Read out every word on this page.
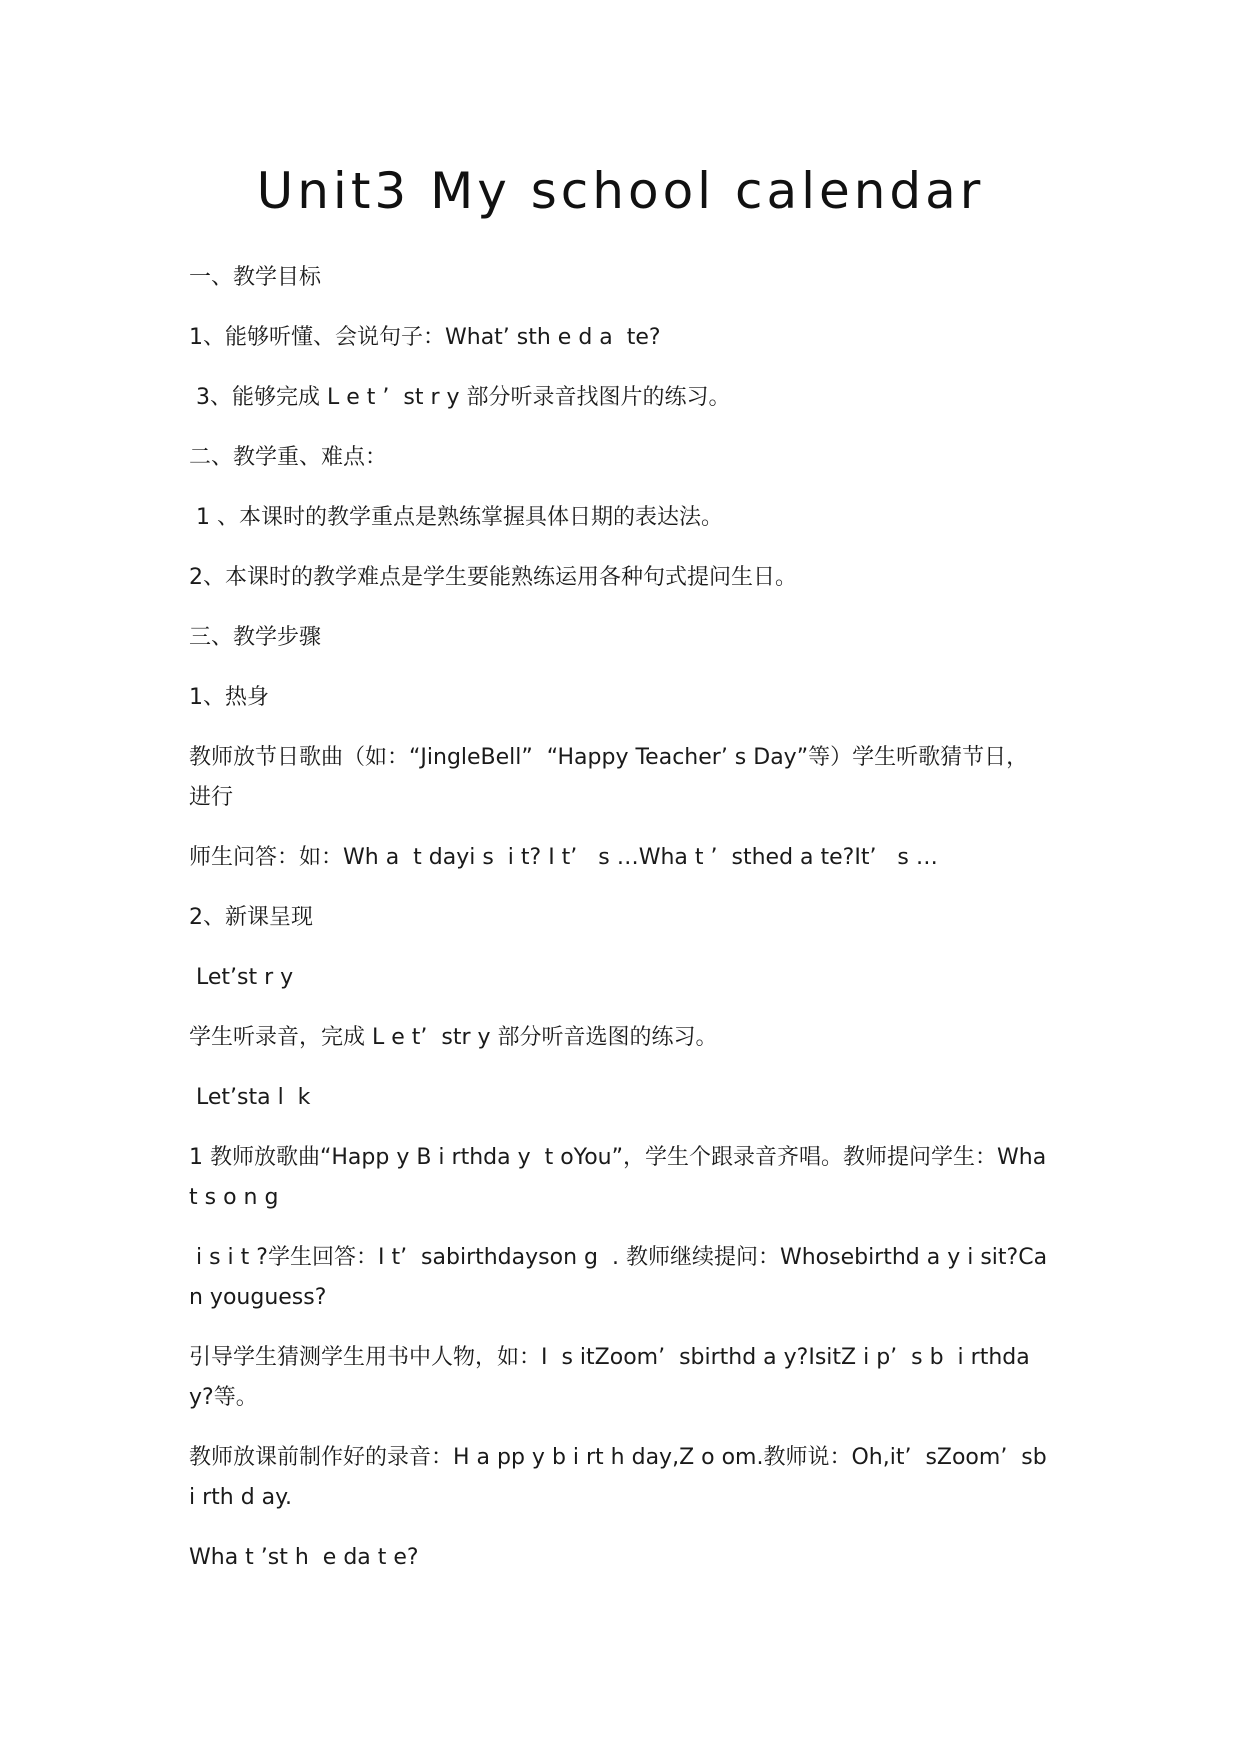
Unit3 My school calendar

一、教学目标

1、能够听懂、会说句子：What’ sth e d a  te?

3、能够完成 L e t ’  st r y 部分听录音找图片的练习。

二、教学重、难点：

1 、本课时的教学重点是熟练掌握具体日期的表达法。

2、本课时的教学难点是学生要能熟练运用各种句式提问生日。

三、教学步骤

1、热身

教师放节日歌曲（如：“JingleBell”  “Happy Teacher’ s Day”等）学生听歌猜节日，进行

师生问答：如：Wh a  t dayi s  i t? I t’   s …Wha t ’  sthed a te?It’   s …

2、新课呈现

Let’st r y

学生听录音，完成 L e t’  str y 部分听音选图的练习。

Let’sta l  k

1 教师放歌曲“Happ y B i rthda y  t oYou”，学生个跟录音齐唱。教师提问学生：What s o n g

i s i t ?学生回答：I t’  sabirthdayson g  . 教师继续提问：Whosebirthd a y i sit?Can youguess?

引导学生猜测学生用书中人物，如：I  s itZoom’  sbirthd a y?IsitZ i p’  s b  i rthday?等。

教师放课前制作好的录音：H a pp y b i rt h day,Z o om.教师说：Oh,it’  sZoom’  sb i rth d ay.

Wha t ’st h  e da t e?
